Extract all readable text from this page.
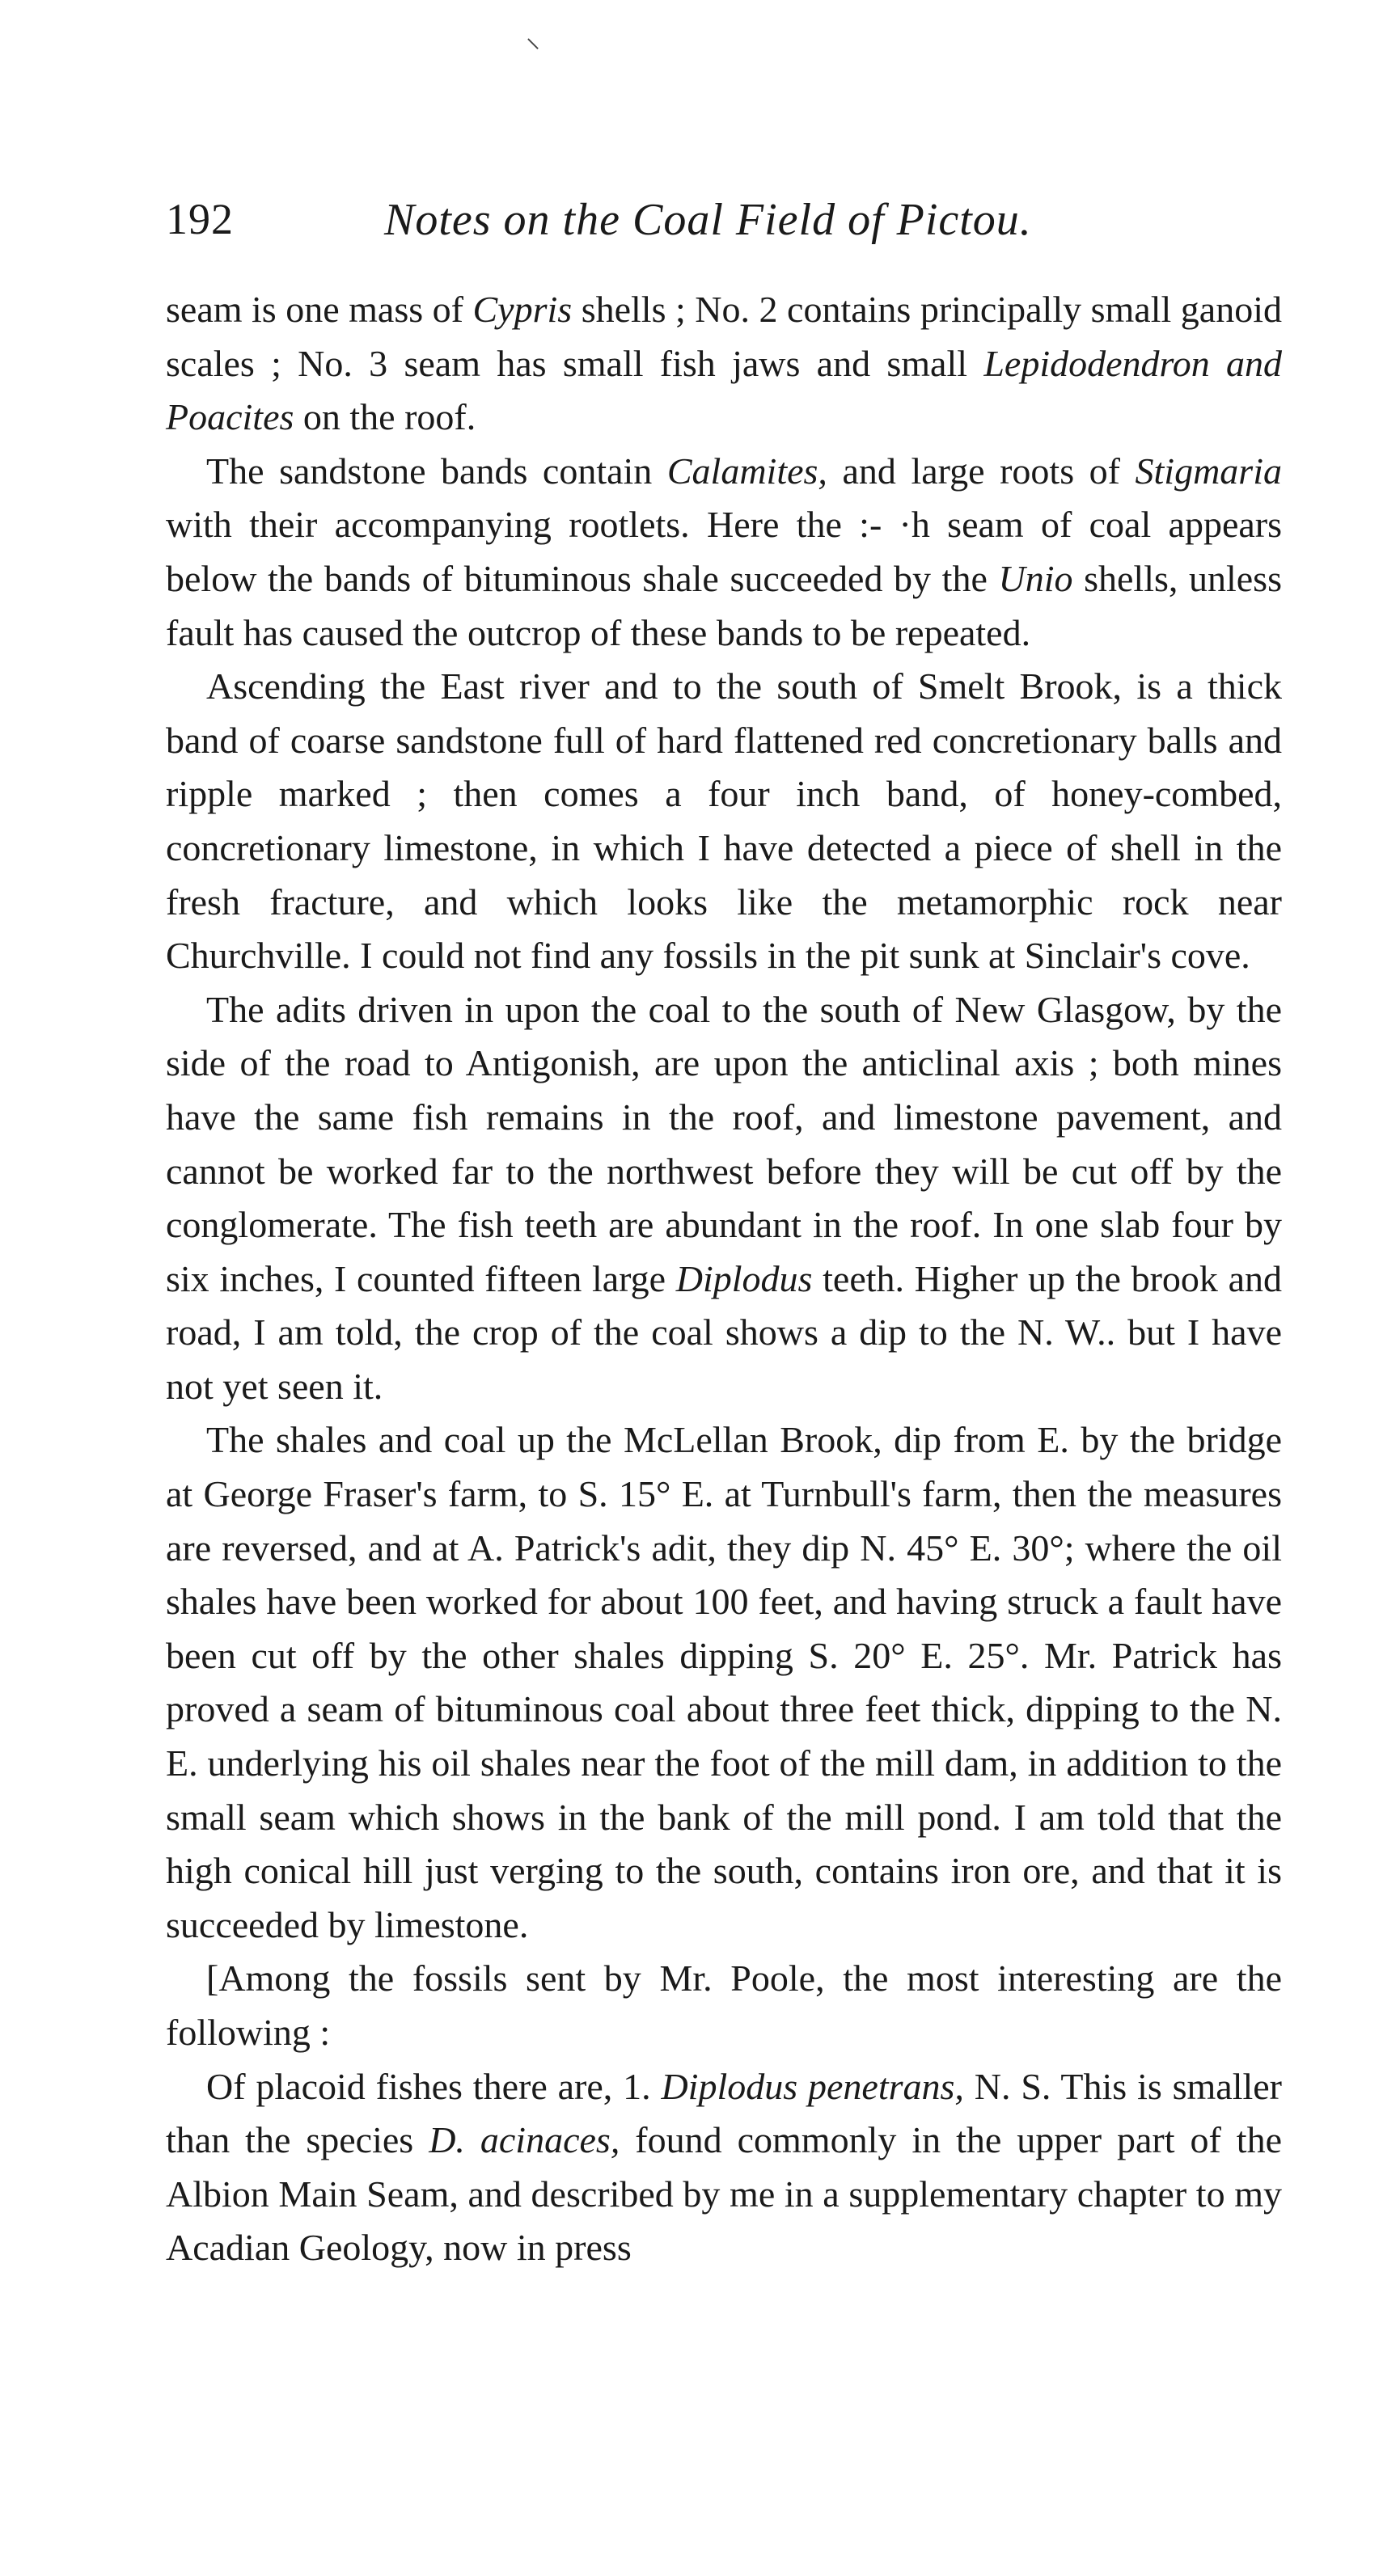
⸜
192	Notes on the Coal Field of Pictou.

seam is one mass of Cypris shells ; No. 2 contains principally small ganoid scales ; No. 3 seam has small fish jaws and small Lepidodendron and Poacites on the roof.

The sandstone bands contain Calamites, and large roots of Stigmaria with their accompanying rootlets. Here the :- ·h seam of coal appears below the bands of bituminous shale succeeded by the Unio shells, unless fault has caused the outcrop of these bands to be repeated.

Ascending the East river and to the south of Smelt Brook, is a thick band of coarse sandstone full of hard flattened red concretionary balls and ripple marked ; then comes a four inch band, of honey-combed, concretionary limestone, in which I have detected a piece of shell in the fresh fracture, and which looks like the metamorphic rock near Churchville. I could not find any fossils in the pit sunk at Sinclair's cove.

The adits driven in upon the coal to the south of New Glasgow, by the side of the road to Antigonish, are upon the anticlinal axis ; both mines have the same fish remains in the roof, and limestone pavement, and cannot be worked far to the northwest before they will be cut off by the conglomerate. The fish teeth are abundant in the roof. In one slab four by six inches, I counted fifteen large Diplodus teeth. Higher up the brook and road, I am told, the crop of the coal shows a dip to the N. W.. but I have not yet seen it.

The shales and coal up the McLellan Brook, dip from E. by the bridge at George Fraser's farm, to S. 15° E. at Turnbull's farm, then the measures are reversed, and at A. Patrick's adit, they dip N. 45° E. 30°; where the oil shales have been worked for about 100 feet, and having struck a fault have been cut off by the other shales dipping S. 20° E. 25°. Mr. Patrick has proved a seam of bituminous coal about three feet thick, dipping to the N. E. underlying his oil shales near the foot of the mill dam, in addition to the small seam which shows in the bank of the mill pond. I am told that the high conical hill just verging to the south, contains iron ore, and that it is succeeded by limestone.

[Among the fossils sent by Mr. Poole, the most interesting are the following :

Of placoid fishes there are, 1. Diplodus penetrans, N. S. This is smaller than the species D. acinaces, found commonly in the upper part of the Albion Main Seam, and described by me in a supplementary chapter to my Acadian Geology, now in press
